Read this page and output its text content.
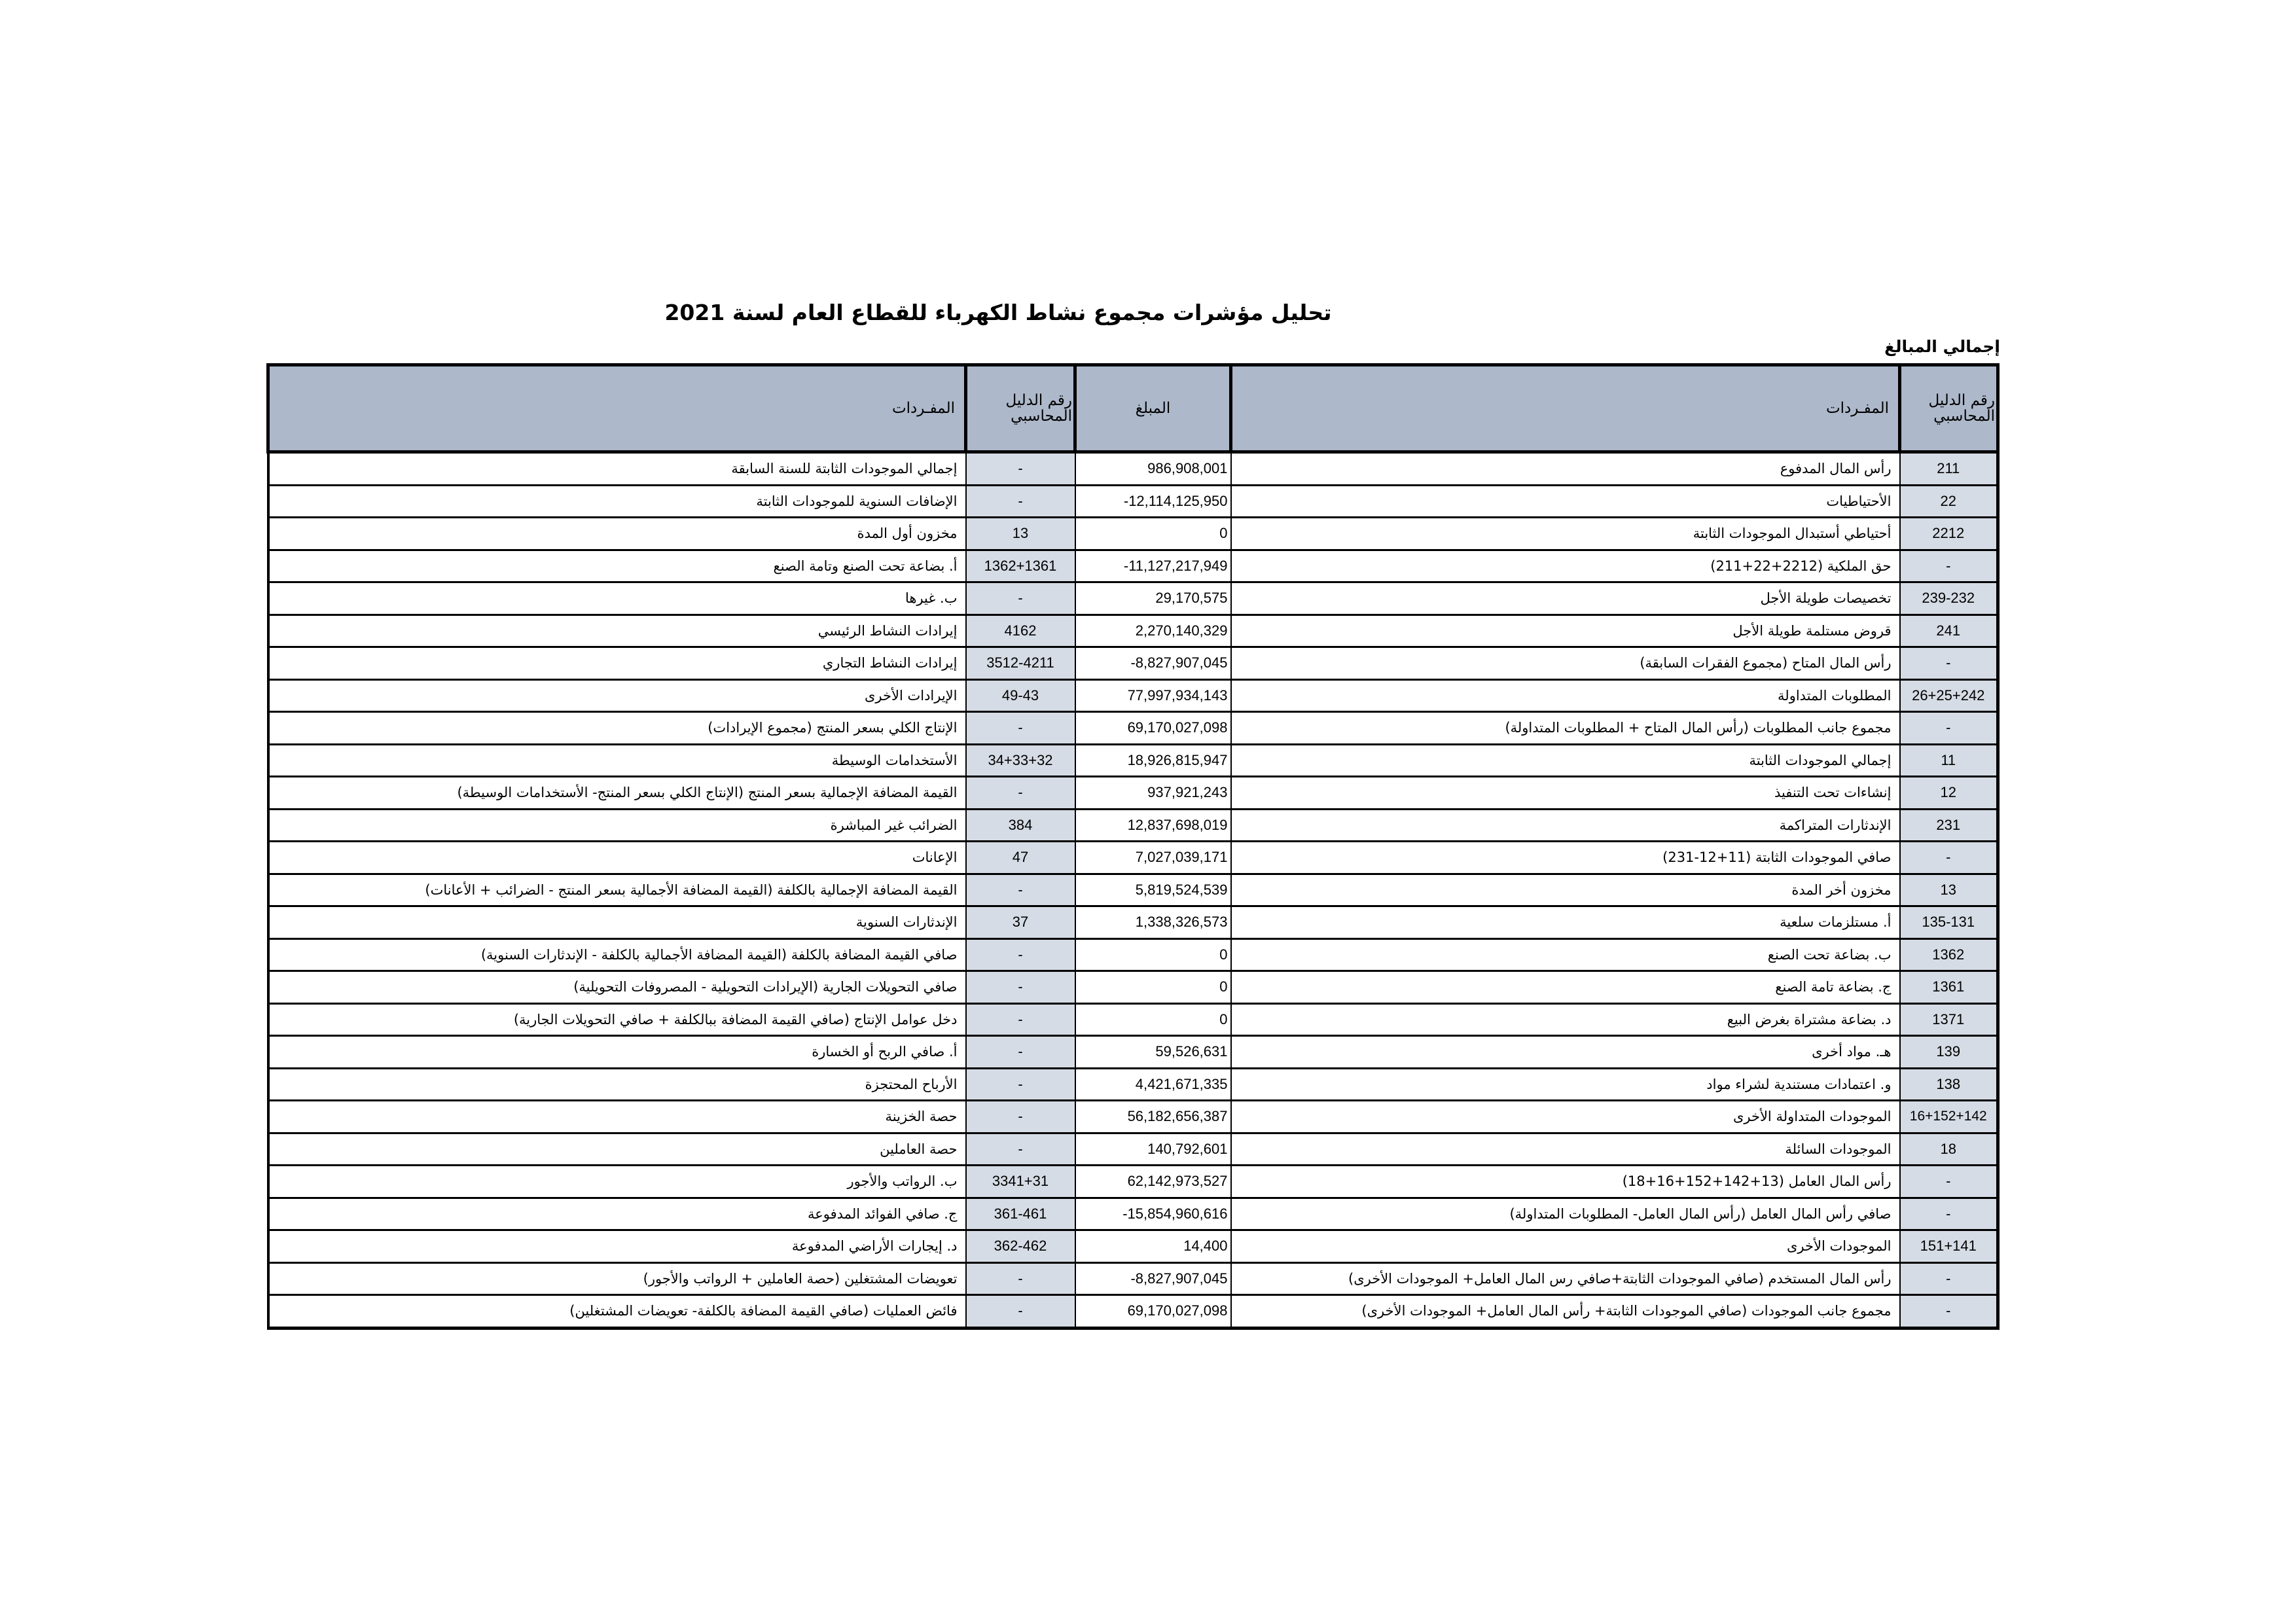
تحليل مؤشرات مجموع نشاط الكهرباء للقطاع العام لسنة 2021
إجمالي المبالغ
المفـردات	رقم الدليل المحاسبي	المبلغ	المفـردات	رقم الدليل المحاسبي
إجمالي الموجودات الثابتة للسنة السابقة	-	986,908,001	رأس المال المدفوع	211
الإضافات السنوية للموجودات الثابتة	-	-12,114,125,950	الأحتياطيات	22
مخزون أول المدة	13	0	أحتياطي أستبدال الموجودات الثابتة	2212
أ. بضاعة تحت الصنع وتامة الصنع	1362+1361	-11,127,217,949	حق الملكية (2212+22+211)	-
ب. غيرها	-	29,170,575	تخصيصات طويلة الأجل	239-232
إيرادات النشاط الرئيسي	4162	2,270,140,329	قروض مستلمة طويلة الأجل	241
إيرادات النشاط التجاري	3512-4211	-8,827,907,045	رأس المال المتاح (مجموع الفقرات السابقة)	-
الإيرادات الأخرى	49-43	77,997,934,143	المطلوبات المتداولة	26+25+242
الإنتاج الكلي بسعر المنتج (مجموع الإيرادات)	-	69,170,027,098	مجموع جانب المطلوبات (رأس المال المتاح + المطلوبات المتداولة)	-
الأستخدامات الوسيطة	34+33+32	18,926,815,947	إجمالي الموجودات الثابتة	11
القيمة المضافة الإجمالية بسعر المنتج (الإنتاج الكلي بسعر المنتج- الأستخدامات الوسيطة)	-	937,921,243	إنشاءات تحت التنفيذ	12
الضرائب غير المباشرة	384	12,837,698,019	الإندثارات المتراكمة	231
الإعانات	47	7,027,039,171	صافي الموجودات الثابتة (11+12-231)	-
القيمة المضافة الإجمالية بالكلفة (القيمة المضافة الأجمالية بسعر المنتج - الضرائب + الأعانات)	-	5,819,524,539	مخزون أخر المدة	13
الإندثارات السنوية	37	1,338,326,573	أ. مستلزمات سلعية	135-131
صافي القيمة المضافة بالكلفة (القيمة المضافة الأجمالية بالكلفة - الإندثارات السنوية)	-	0	ب. بضاعة تحت الصنع	1362
صافي التحويلات الجارية (الإيرادات التحويلية - المصروفات التحويلية)	-	0	ج. بضاعة تامة الصنع	1361
دخل عوامل الإنتاج (صافي القيمة المضافة ببالكلفة + صافي التحويلات الجارية)	-	0	د. بضاعة مشتراة بغرض البيع	1371
أ. صافي الربح أو الخسارة	-	59,526,631	هـ. مواد أخرى	139
الأرباح المحتجزة	-	4,421,671,335	و. اعتمادات مستندية لشراء مواد	138
حصة الخزينة	-	56,182,656,387	الموجودات المتداولة الأخرى	16+152+142
حصة العاملين	-	140,792,601	الموجودات السائلة	18
ب. الرواتب والأجور	3341+31	62,142,973,527	رأس المال العامل (13+142+152+16+18)	-
ج. صافي الفوائد المدفوعة	361-461	-15,854,960,616	صافي رأس المال العامل (رأس المال العامل- المطلوبات المتداولة)	-
د. إيجارات الأراضي المدفوعة	362-462	14,400	الموجودات الأخرى	151+141
تعويضات المشتغلين (حصة العاملين + الرواتب والأجور)	-	-8,827,907,045	رأس المال المستخدم (صافي الموجودات الثابتة+صافي رس المال العامل+ الموجودات الأخرى)	-
فائض العمليات (صافي القيمة المضافة بالكلفة- تعويضات المشتغلين)	-	69,170,027,098	مجموع جانب الموجودات (صافي الموجودات الثابتة+ رأس المال العامل+ الموجودات الأخرى)	-
